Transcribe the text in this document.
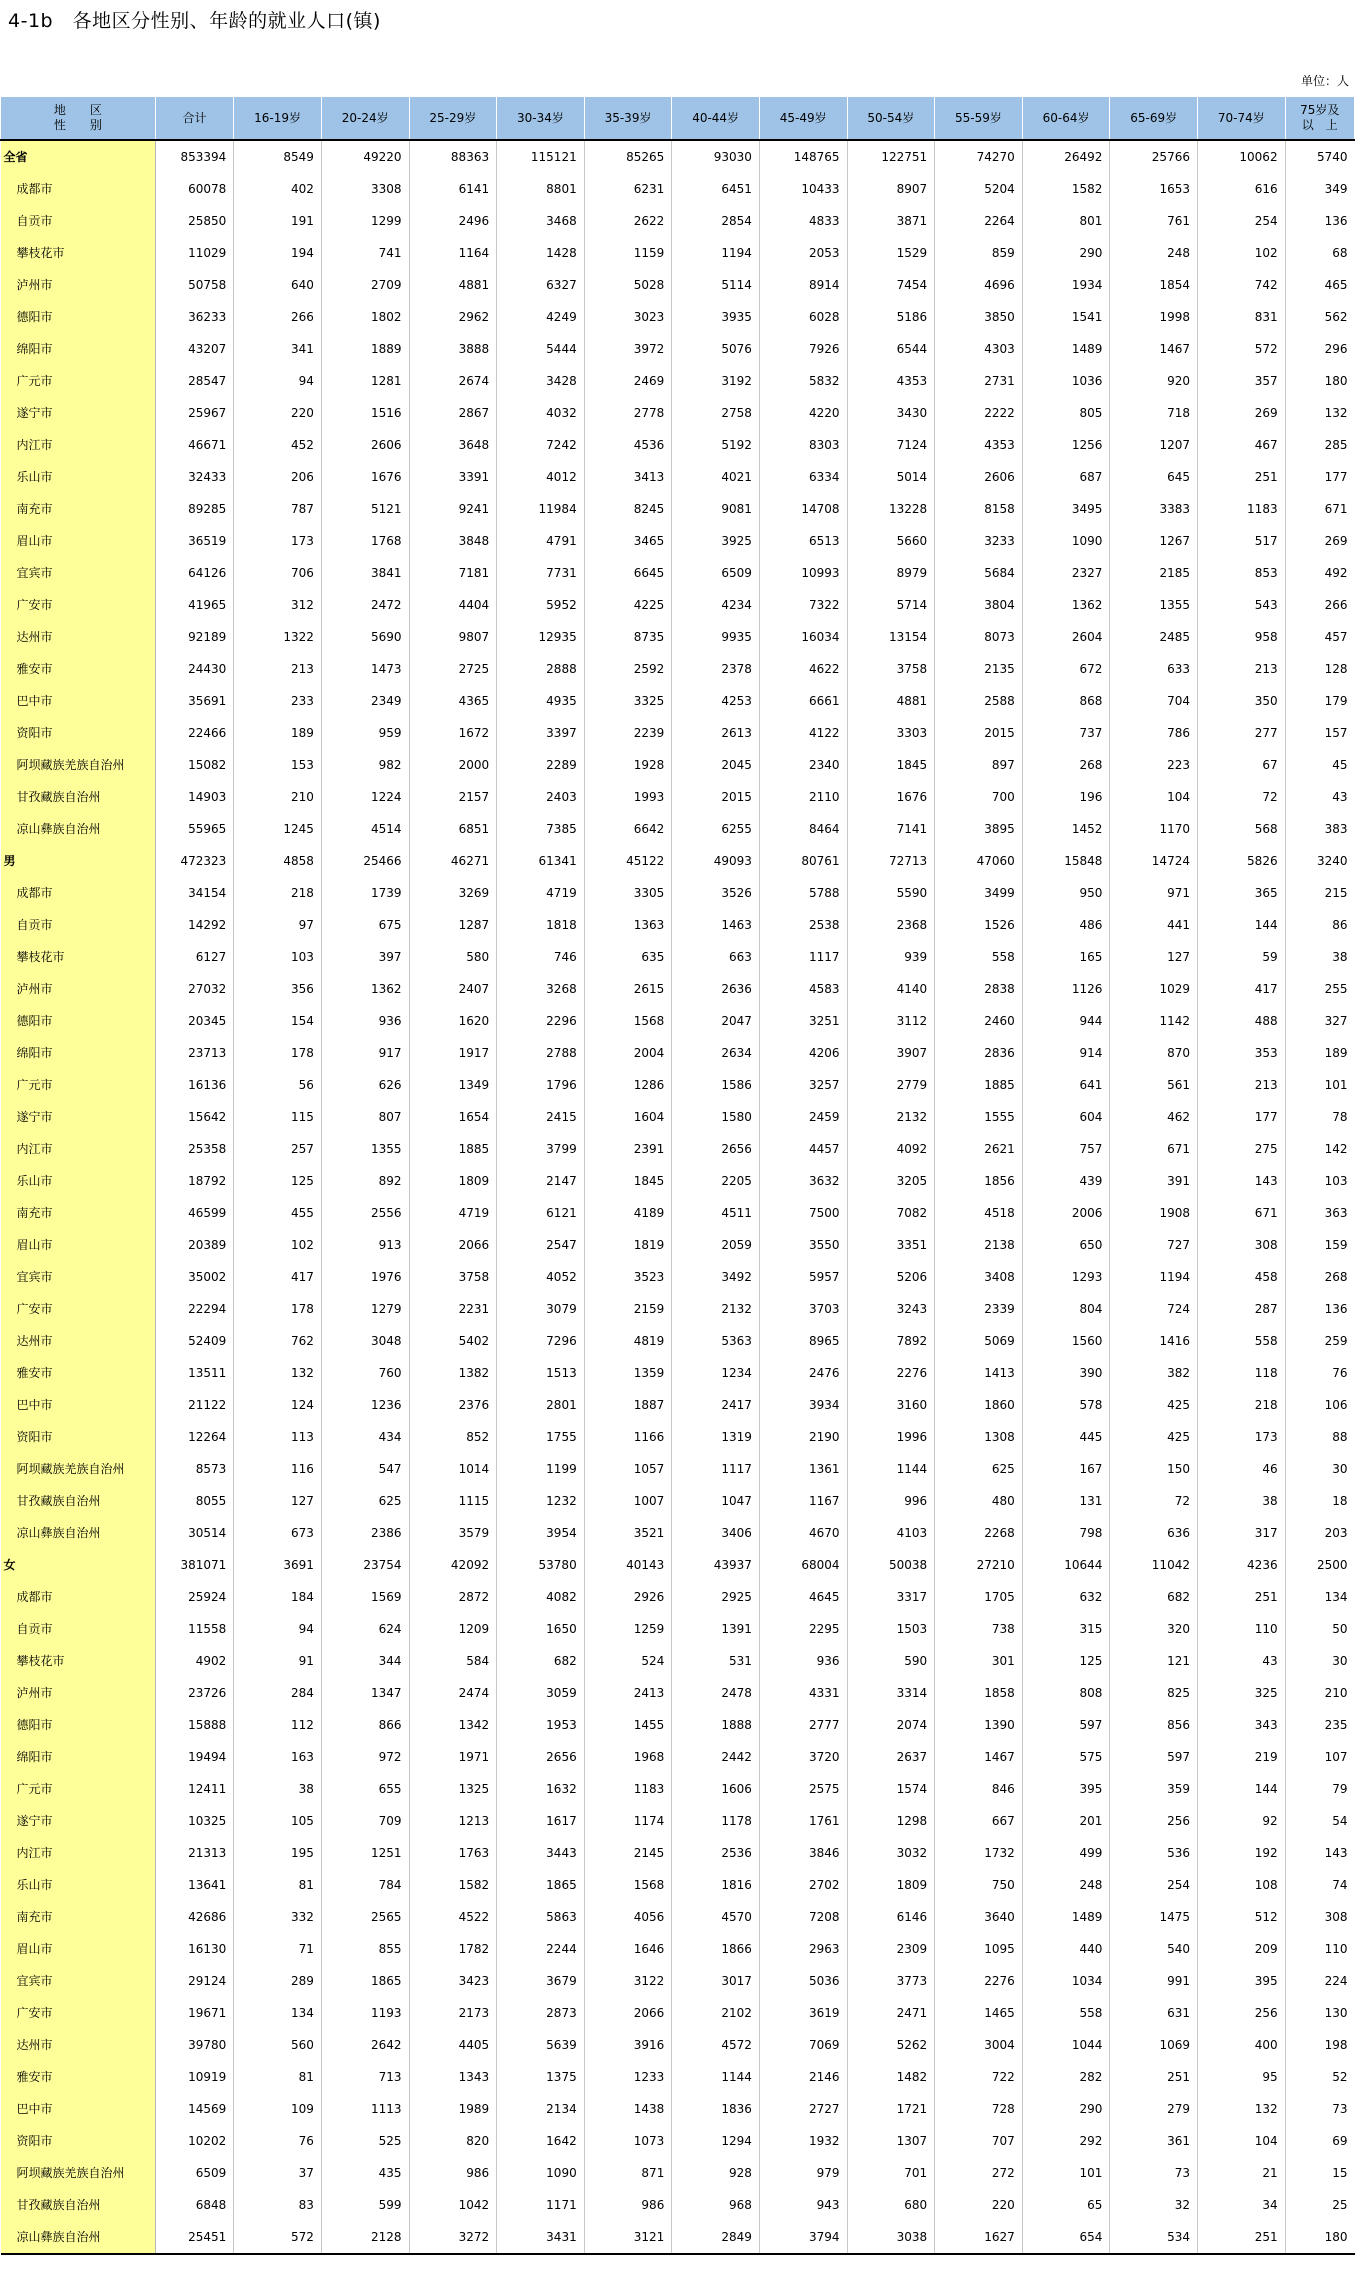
4-1b　各地区分性别、年龄的就业人口(镇)
单位：人
地　　区
性　　别	合计	16-19岁	20-24岁	25-29岁	30-34岁	35-39岁	40-44岁	45-49岁	50-54岁	55-59岁	60-64岁	65-69岁	70-74岁	75岁及
以　上

全省	853394	8549	49220	88363	115121	85265	93030	148765	122751	74270	26492	25766	10062	5740
成都市	60078	402	3308	6141	8801	6231	6451	10433	8907	5204	1582	1653	616	349
自贡市	25850	191	1299	2496	3468	2622	2854	4833	3871	2264	801	761	254	136
攀枝花市	11029	194	741	1164	1428	1159	1194	2053	1529	859	290	248	102	68
泸州市	50758	640	2709	4881	6327	5028	5114	8914	7454	4696	1934	1854	742	465
德阳市	36233	266	1802	2962	4249	3023	3935	6028	5186	3850	1541	1998	831	562
绵阳市	43207	341	1889	3888	5444	3972	5076	7926	6544	4303	1489	1467	572	296
广元市	28547	94	1281	2674	3428	2469	3192	5832	4353	2731	1036	920	357	180
遂宁市	25967	220	1516	2867	4032	2778	2758	4220	3430	2222	805	718	269	132
内江市	46671	452	2606	3648	7242	4536	5192	8303	7124	4353	1256	1207	467	285
乐山市	32433	206	1676	3391	4012	3413	4021	6334	5014	2606	687	645	251	177
南充市	89285	787	5121	9241	11984	8245	9081	14708	13228	8158	3495	3383	1183	671
眉山市	36519	173	1768	3848	4791	3465	3925	6513	5660	3233	1090	1267	517	269
宜宾市	64126	706	3841	7181	7731	6645	6509	10993	8979	5684	2327	2185	853	492
广安市	41965	312	2472	4404	5952	4225	4234	7322	5714	3804	1362	1355	543	266
达州市	92189	1322	5690	9807	12935	8735	9935	16034	13154	8073	2604	2485	958	457
雅安市	24430	213	1473	2725	2888	2592	2378	4622	3758	2135	672	633	213	128
巴中市	35691	233	2349	4365	4935	3325	4253	6661	4881	2588	868	704	350	179
资阳市	22466	189	959	1672	3397	2239	2613	4122	3303	2015	737	786	277	157
阿坝藏族羌族自治州	15082	153	982	2000	2289	1928	2045	2340	1845	897	268	223	67	45
甘孜藏族自治州	14903	210	1224	2157	2403	1993	2015	2110	1676	700	196	104	72	43
凉山彝族自治州	55965	1245	4514	6851	7385	6642	6255	8464	7141	3895	1452	1170	568	383
男	472323	4858	25466	46271	61341	45122	49093	80761	72713	47060	15848	14724	5826	3240
成都市	34154	218	1739	3269	4719	3305	3526	5788	5590	3499	950	971	365	215
自贡市	14292	97	675	1287	1818	1363	1463	2538	2368	1526	486	441	144	86
攀枝花市	6127	103	397	580	746	635	663	1117	939	558	165	127	59	38
泸州市	27032	356	1362	2407	3268	2615	2636	4583	4140	2838	1126	1029	417	255
德阳市	20345	154	936	1620	2296	1568	2047	3251	3112	2460	944	1142	488	327
绵阳市	23713	178	917	1917	2788	2004	2634	4206	3907	2836	914	870	353	189
广元市	16136	56	626	1349	1796	1286	1586	3257	2779	1885	641	561	213	101
遂宁市	15642	115	807	1654	2415	1604	1580	2459	2132	1555	604	462	177	78
内江市	25358	257	1355	1885	3799	2391	2656	4457	4092	2621	757	671	275	142
乐山市	18792	125	892	1809	2147	1845	2205	3632	3205	1856	439	391	143	103
南充市	46599	455	2556	4719	6121	4189	4511	7500	7082	4518	2006	1908	671	363
眉山市	20389	102	913	2066	2547	1819	2059	3550	3351	2138	650	727	308	159
宜宾市	35002	417	1976	3758	4052	3523	3492	5957	5206	3408	1293	1194	458	268
广安市	22294	178	1279	2231	3079	2159	2132	3703	3243	2339	804	724	287	136
达州市	52409	762	3048	5402	7296	4819	5363	8965	7892	5069	1560	1416	558	259
雅安市	13511	132	760	1382	1513	1359	1234	2476	2276	1413	390	382	118	76
巴中市	21122	124	1236	2376	2801	1887	2417	3934	3160	1860	578	425	218	106
资阳市	12264	113	434	852	1755	1166	1319	2190	1996	1308	445	425	173	88
阿坝藏族羌族自治州	8573	116	547	1014	1199	1057	1117	1361	1144	625	167	150	46	30
甘孜藏族自治州	8055	127	625	1115	1232	1007	1047	1167	996	480	131	72	38	18
凉山彝族自治州	30514	673	2386	3579	3954	3521	3406	4670	4103	2268	798	636	317	203
女	381071	3691	23754	42092	53780	40143	43937	68004	50038	27210	10644	11042	4236	2500
成都市	25924	184	1569	2872	4082	2926	2925	4645	3317	1705	632	682	251	134
自贡市	11558	94	624	1209	1650	1259	1391	2295	1503	738	315	320	110	50
攀枝花市	4902	91	344	584	682	524	531	936	590	301	125	121	43	30
泸州市	23726	284	1347	2474	3059	2413	2478	4331	3314	1858	808	825	325	210
德阳市	15888	112	866	1342	1953	1455	1888	2777	2074	1390	597	856	343	235
绵阳市	19494	163	972	1971	2656	1968	2442	3720	2637	1467	575	597	219	107
广元市	12411	38	655	1325	1632	1183	1606	2575	1574	846	395	359	144	79
遂宁市	10325	105	709	1213	1617	1174	1178	1761	1298	667	201	256	92	54
内江市	21313	195	1251	1763	3443	2145	2536	3846	3032	1732	499	536	192	143
乐山市	13641	81	784	1582	1865	1568	1816	2702	1809	750	248	254	108	74
南充市	42686	332	2565	4522	5863	4056	4570	7208	6146	3640	1489	1475	512	308
眉山市	16130	71	855	1782	2244	1646	1866	2963	2309	1095	440	540	209	110
宜宾市	29124	289	1865	3423	3679	3122	3017	5036	3773	2276	1034	991	395	224
广安市	19671	134	1193	2173	2873	2066	2102	3619	2471	1465	558	631	256	130
达州市	39780	560	2642	4405	5639	3916	4572	7069	5262	3004	1044	1069	400	198
雅安市	10919	81	713	1343	1375	1233	1144	2146	1482	722	282	251	95	52
巴中市	14569	109	1113	1989	2134	1438	1836	2727	1721	728	290	279	132	73
资阳市	10202	76	525	820	1642	1073	1294	1932	1307	707	292	361	104	69
阿坝藏族羌族自治州	6509	37	435	986	1090	871	928	979	701	272	101	73	21	15
甘孜藏族自治州	6848	83	599	1042	1171	986	968	943	680	220	65	32	34	25
凉山彝族自治州	25451	572	2128	3272	3431	3121	2849	3794	3038	1627	654	534	251	180
